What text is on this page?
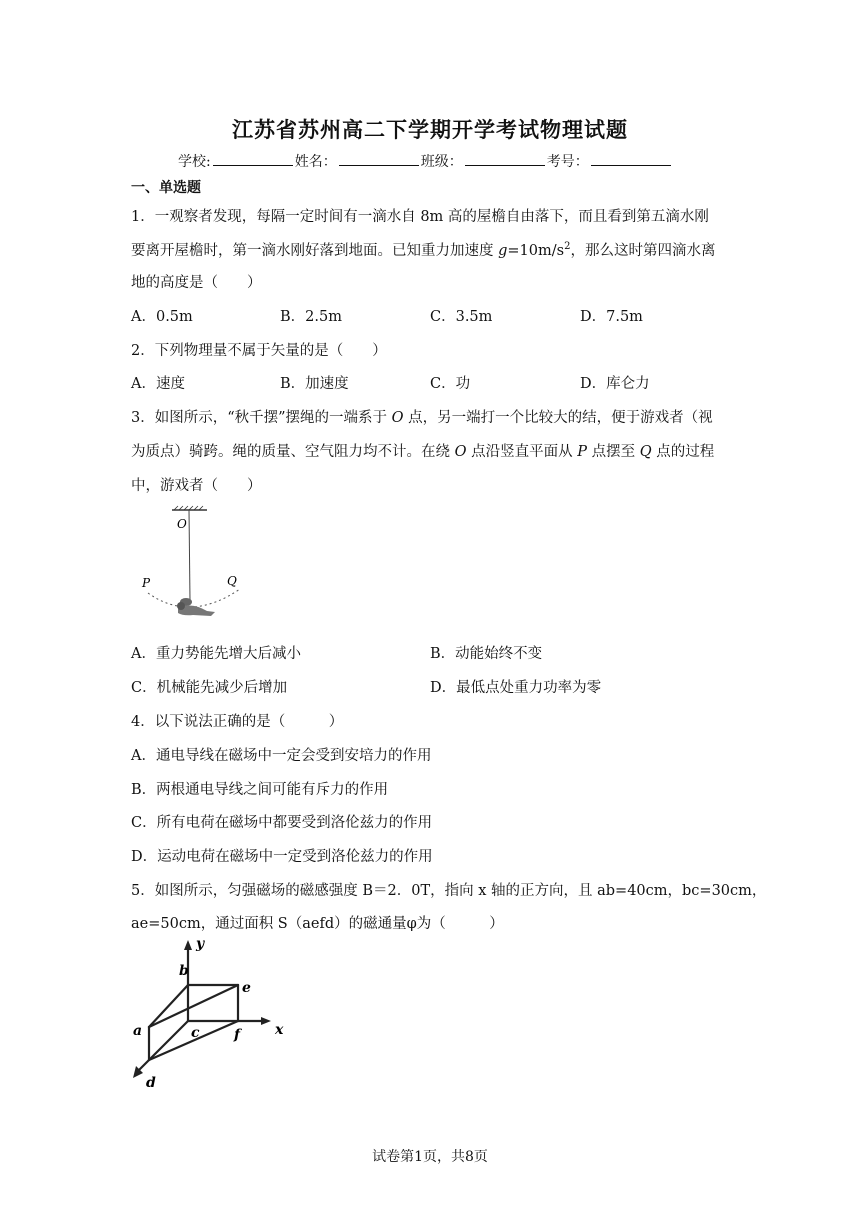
江苏省苏州高二下学期开学考试物理试题
学校:	姓名：	班级：	考号：
一、单选题
1．一观察者发现，每隔一定时间有一滴水自 8m 高的屋檐自由落下，而且看到第五滴水刚
要离开屋檐时，第一滴水刚好落到地面。已知重力加速度 $g=10m/s^2$，那么这时第四滴水离
地的高度是（　　）
A．0.5m	B．2.5m	C．3.5m	D．7.5m
2．下列物理量不属于矢量的是（　　）
A．速度	B．加速度	C．功	D．库仑力
3．如图所示，“秋千摆”摆绳的一端系于 O 点，另一端打一个比较大的结，便于游戏者（视
为质点）骑跨。绳的质量、空气阻力均不计。在绕 O 点沿竖直平面从 P 点摆至 Q 点的过程
中，游戏者（　　）
O
P	Q
A．重力势能先增大后减小	B．动能始终不变
C．机械能先减少后增加	D．最低点处重力功率为零
4．以下说法正确的是（　　　）
A．通电导线在磁场中一定会受到安培力的作用
B．两根通电导线之间可能有斥力的作用
C．所有电荷在磁场中都要受到洛伦兹力的作用
D．运动电荷在磁场中一定受到洛伦兹力的作用
5．如图所示，匀强磁场的磁感强度 B＝2．0T，指向 x 轴的正方向，且 ab=40cm，bc=30cm，
ae=50cm，通过面积 S（aefd）的磁通量φ为（　　　）
b
e
a	c f
d
y
x
试卷第1页，共8页
